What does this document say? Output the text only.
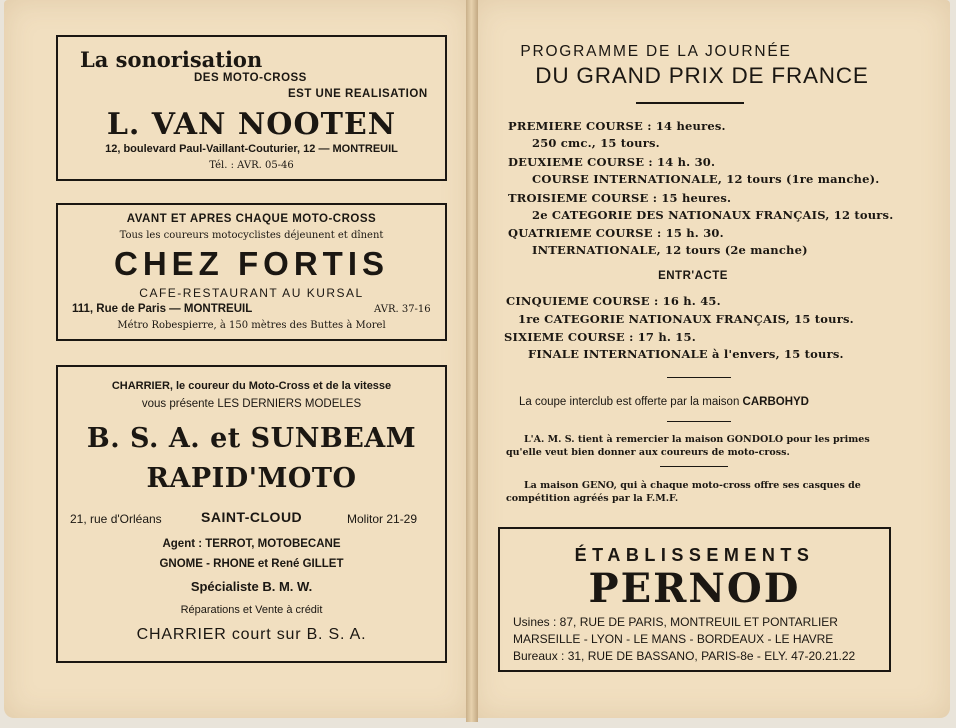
La sonorisation
DES MOTO-CROSS
EST UNE REALISATION
L. VAN NOOTEN
12, boulevard Paul-Vaillant-Couturier, 12 — MONTREUIL
Tél. : AVR. 05-46
AVANT ET APRES CHAQUE MOTO-CROSS
Tous les coureurs motocyclistes déjeunent et dînent
CHEZ FORTIS
CAFE-RESTAURANT AU KURSAL
111, Rue de Paris — MONTREUIL	AVR. 37-16
Métro Robespierre, à 150 mètres des Buttes à Morel
CHARRIER, le coureur du Moto-Cross et de la vitesse
vous présente LES DERNIERS MODELES
B. S. A. et SUNBEAM
RAPID'MOTO
21, rue d'Orléans	SAINT-CLOUD	Molitor 21-29
Agent : TERROT, MOTOBECANE
GNOME - RHONE et René GILLET
Spécialiste B. M. W.
Réparations et Vente à crédit
CHARRIER court sur B. S. A.
PROGRAMME DE LA JOURNÉE
DU GRAND PRIX DE FRANCE
PREMIERE COURSE : 14 heures.
250 cmc., 15 tours.
DEUXIEME COURSE : 14 h. 30.
COURSE INTERNATIONALE, 12 tours (1re manche).
TROISIEME COURSE : 15 heures.
2e CATEGORIE DES NATIONAUX FRANÇAIS, 12 tours.
QUATRIEME COURSE : 15 h. 30.
INTERNATIONALE, 12 tours (2e manche)
ENTR'ACTE
CINQUIEME COURSE : 16 h. 45.
1re CATEGORIE NATIONAUX FRANÇAIS, 15 tours.
SIXIEME COURSE : 17 h. 15.
FINALE INTERNATIONALE à l'envers, 15 tours.
La coupe interclub est offerte par la maison CARBOHYD
L'A. M. S. tient à remercier la maison GONDOLO pour les primes qu'elle veut bien donner aux coureurs de moto-cross.
La maison GENO, qui à chaque moto-cross offre ses casques de compétition agréés par la F.M.F.
ÉTABLISSEMENTS
PERNOD
Usines : 87, RUE DE PARIS, MONTREUIL ET PONTARLIER
MARSEILLE - LYON - LE MANS - BORDEAUX - LE HAVRE
Bureaux : 31, RUE DE BASSANO, PARIS-8e - ELY. 47-20.21.22
